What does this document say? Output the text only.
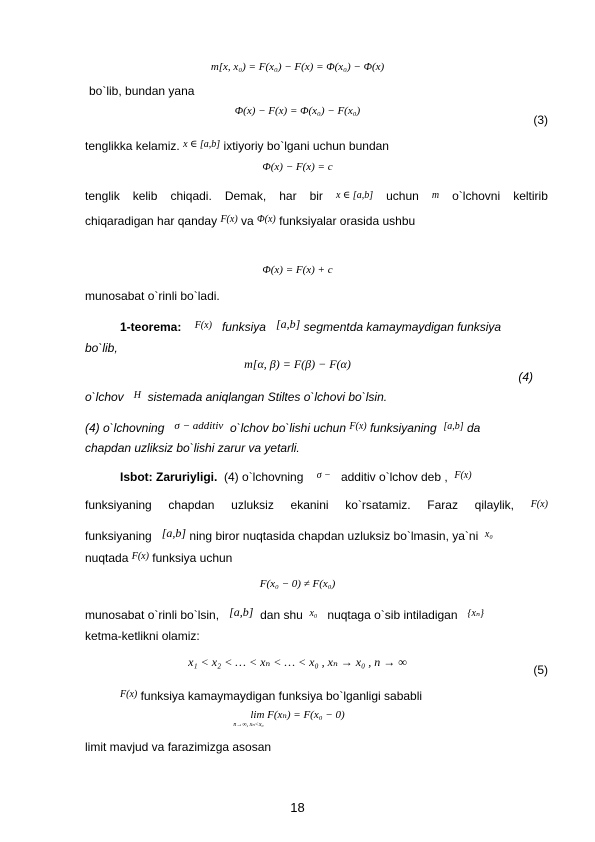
m[x, x₀) = F(x₀) − F(x) = Φ(x₀) − Φ(x)
bo`lib, bundan yana
Φ(x) − F(x) = Φ(x₀) − F(x₀)
(3)
tenglikka kelamiz. $^{x \in [a,b]}$ ixtiyoriy bo`lgani uchun bundan
Φ(x) − F(x) = c
tenglik kelib chiqadi. Demak, har bir x ∈ [a,b] uchun m o`lchovni keltirib
chiqaradigan har qanday $^{F(x)}$ va $^{\Phi(x)}$ funksiyalar orasida ushbu
Φ(x) = F(x) + c
munosabat o`rinli bo`ladi.
1-teorema: $^{F(x)}$ funksiya [a,b] segmentda kamaymaydigan funksiya
bo`lib,
m[α, β) = F(β) − F(α)
(4)
o`lchov $^H$ sistemada aniqlangan Stiltes o`lchovi bo`lsin.
(4) o`lchovning σ − additiv o`lchov bo`lishi uchun $^{F(x)}$ funksiyaning [a,b] da
chapdan uzliksiz bo`lishi zarur va yetarli.
Isbot: Zaruriyligi. (4) o`lchovning $^{\sigma -}$ additiv o`lchov deb , $^{F(x)}$
funksiyaning chapdan uzluksiz ekanini ko`rsatamiz. Faraz qilaylik, F(x)
funksiyaning [a,b] ning biror nuqtasida chapdan uzluksiz bo`lmasin, ya`ni $^{x_0}$
nuqtada $^{F(x)}$ funksiya uchun
F(x₀ − 0) ≠ F(x₀)
munosabat o`rinli bo`lsin, [a,b] dan shu $^{x_0}$ nuqtaga o`sib intiladigan $^{\{x_n\}}$
ketma-ketlikni olamiz:
x₁ < x₂ < … < xₙ < … < x₀ , xₙ → x₀ , n → ∞
(5)
$^{F(x)}$ funksiya kamaymaydigan funksiya bo`lganligi sababli
lim F(xₙ) = F(x₀ − 0)
n→∞, xₙ<x₀
limit mavjud va farazimizga asosan
18
